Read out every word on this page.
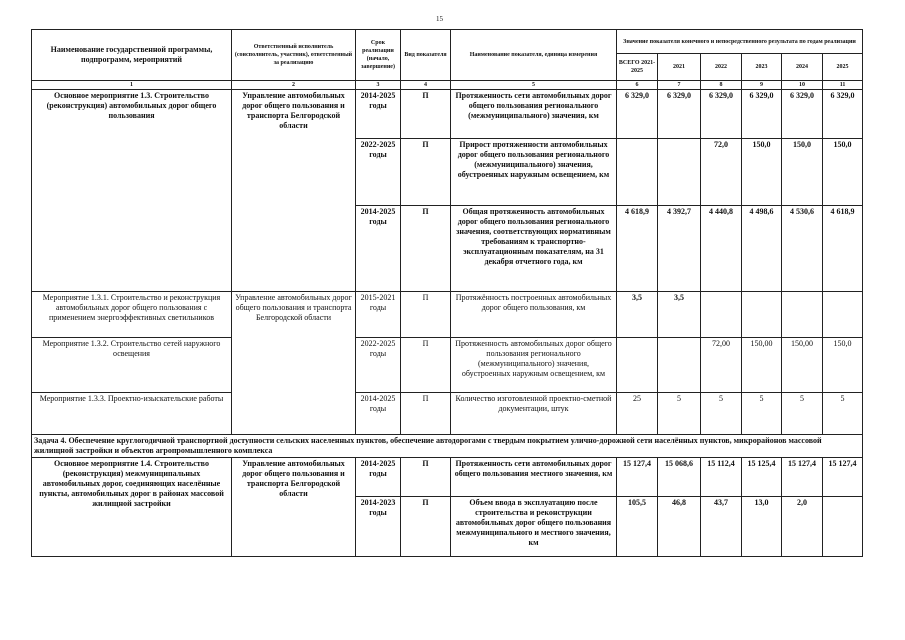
15
Наименование государственной программы, подпрограмм, мероприятий	Ответственный исполнитель (соисполнитель, участник), ответственный за реализацию	Срок реализации (начало, завершение)	Вид показателя	Наименование показателя, единица измерения	Значение показателя конечного и непосредственного результата по годам реализации					
					ВСЕГО 2021-2025	2021	2022	2023	2024	2025
1	2	3	4	5	6	7	8	9	10	11
Основное мероприятие 1.3. Строительство (реконструкция) автомобильных дорог общего пользования	Управление автомобильных дорог общего пользования и транспорта Белгородской области	2014-2025 годы	П	Протяженность сети автомобильных дорог общего пользования регионального (межмуниципального) значения, км	6 329,0	6 329,0	6 329,0	6 329,0	6 329,0	6 329,0
		2022-2025 годы	П	Прирост протяженности автомобильных дорог общего пользования регионального (межмуниципального) значения, обустроенных наружным освещением, км			72,0	150,0	150,0	150,0
		2014-2025 годы	П	Общая протяженность автомобильных дорог общего пользования регионального значения, соответствующих нормативным требованиям к транспортно-эксплуатационным показателям, на 31 декабря отчетного года, км	4 618,9	4 392,7	4 440,8	4 498,6	4 530,6	4 618,9
Мероприятие 1.3.1. Строительство и реконструкция автомобильных дорог общего пользования с применением энергоэффективных светильников	Управление автомобильных дорог общего пользования и транспорта Белгородской области	2015-2021 годы	П	Протяжённость построенных автомобильных дорог общего пользования, км	3,5	3,5				
Мероприятие 1.3.2. Строительство сетей наружного освещения		2022-2025 годы	П	Протяженность автомобильных дорог общего пользования регионального (межмуниципального) значения, обустроенных наружным освещением, км			72,00	150,00	150,00	150,0
Мероприятие 1.3.3. Проектно-изыскательские работы		2014-2025 годы	П	Количество изготовленной проектно-сметной документации, штук	25	5	5	5	5	5
Задача 4. Обеспечение круглогодичной транспортной доступности сельских населенных пунктов, обеспечение автодорогами с твердым покрытием улично-дорожной сети населённых пунктов, микрорайонов массовой жилищной застройки и объектов агропромышленного комплекса										
Основное мероприятие 1.4. Строительство (реконструкция) межмуниципальных автомобильных дорог, соединяющих населённые пункты, автомобильных дорог в районах массовой жилищной застройки	Управление автомобильных дорог общего пользования и транспорта Белгородской области	2014-2025 годы	П	Протяженность сети автомобильных дорог общего пользования местного значения, км	15 127,4	15 068,6	15 112,4	15 125,4	15 127,4	15 127,4
		2014-2023 годы	П	Объем ввода в эксплуатацию после строительства и реконструкции автомобильных дорог общего пользования межмуниципального и местного значения, км	105,5	46,8	43,7	13,0	2,0	
